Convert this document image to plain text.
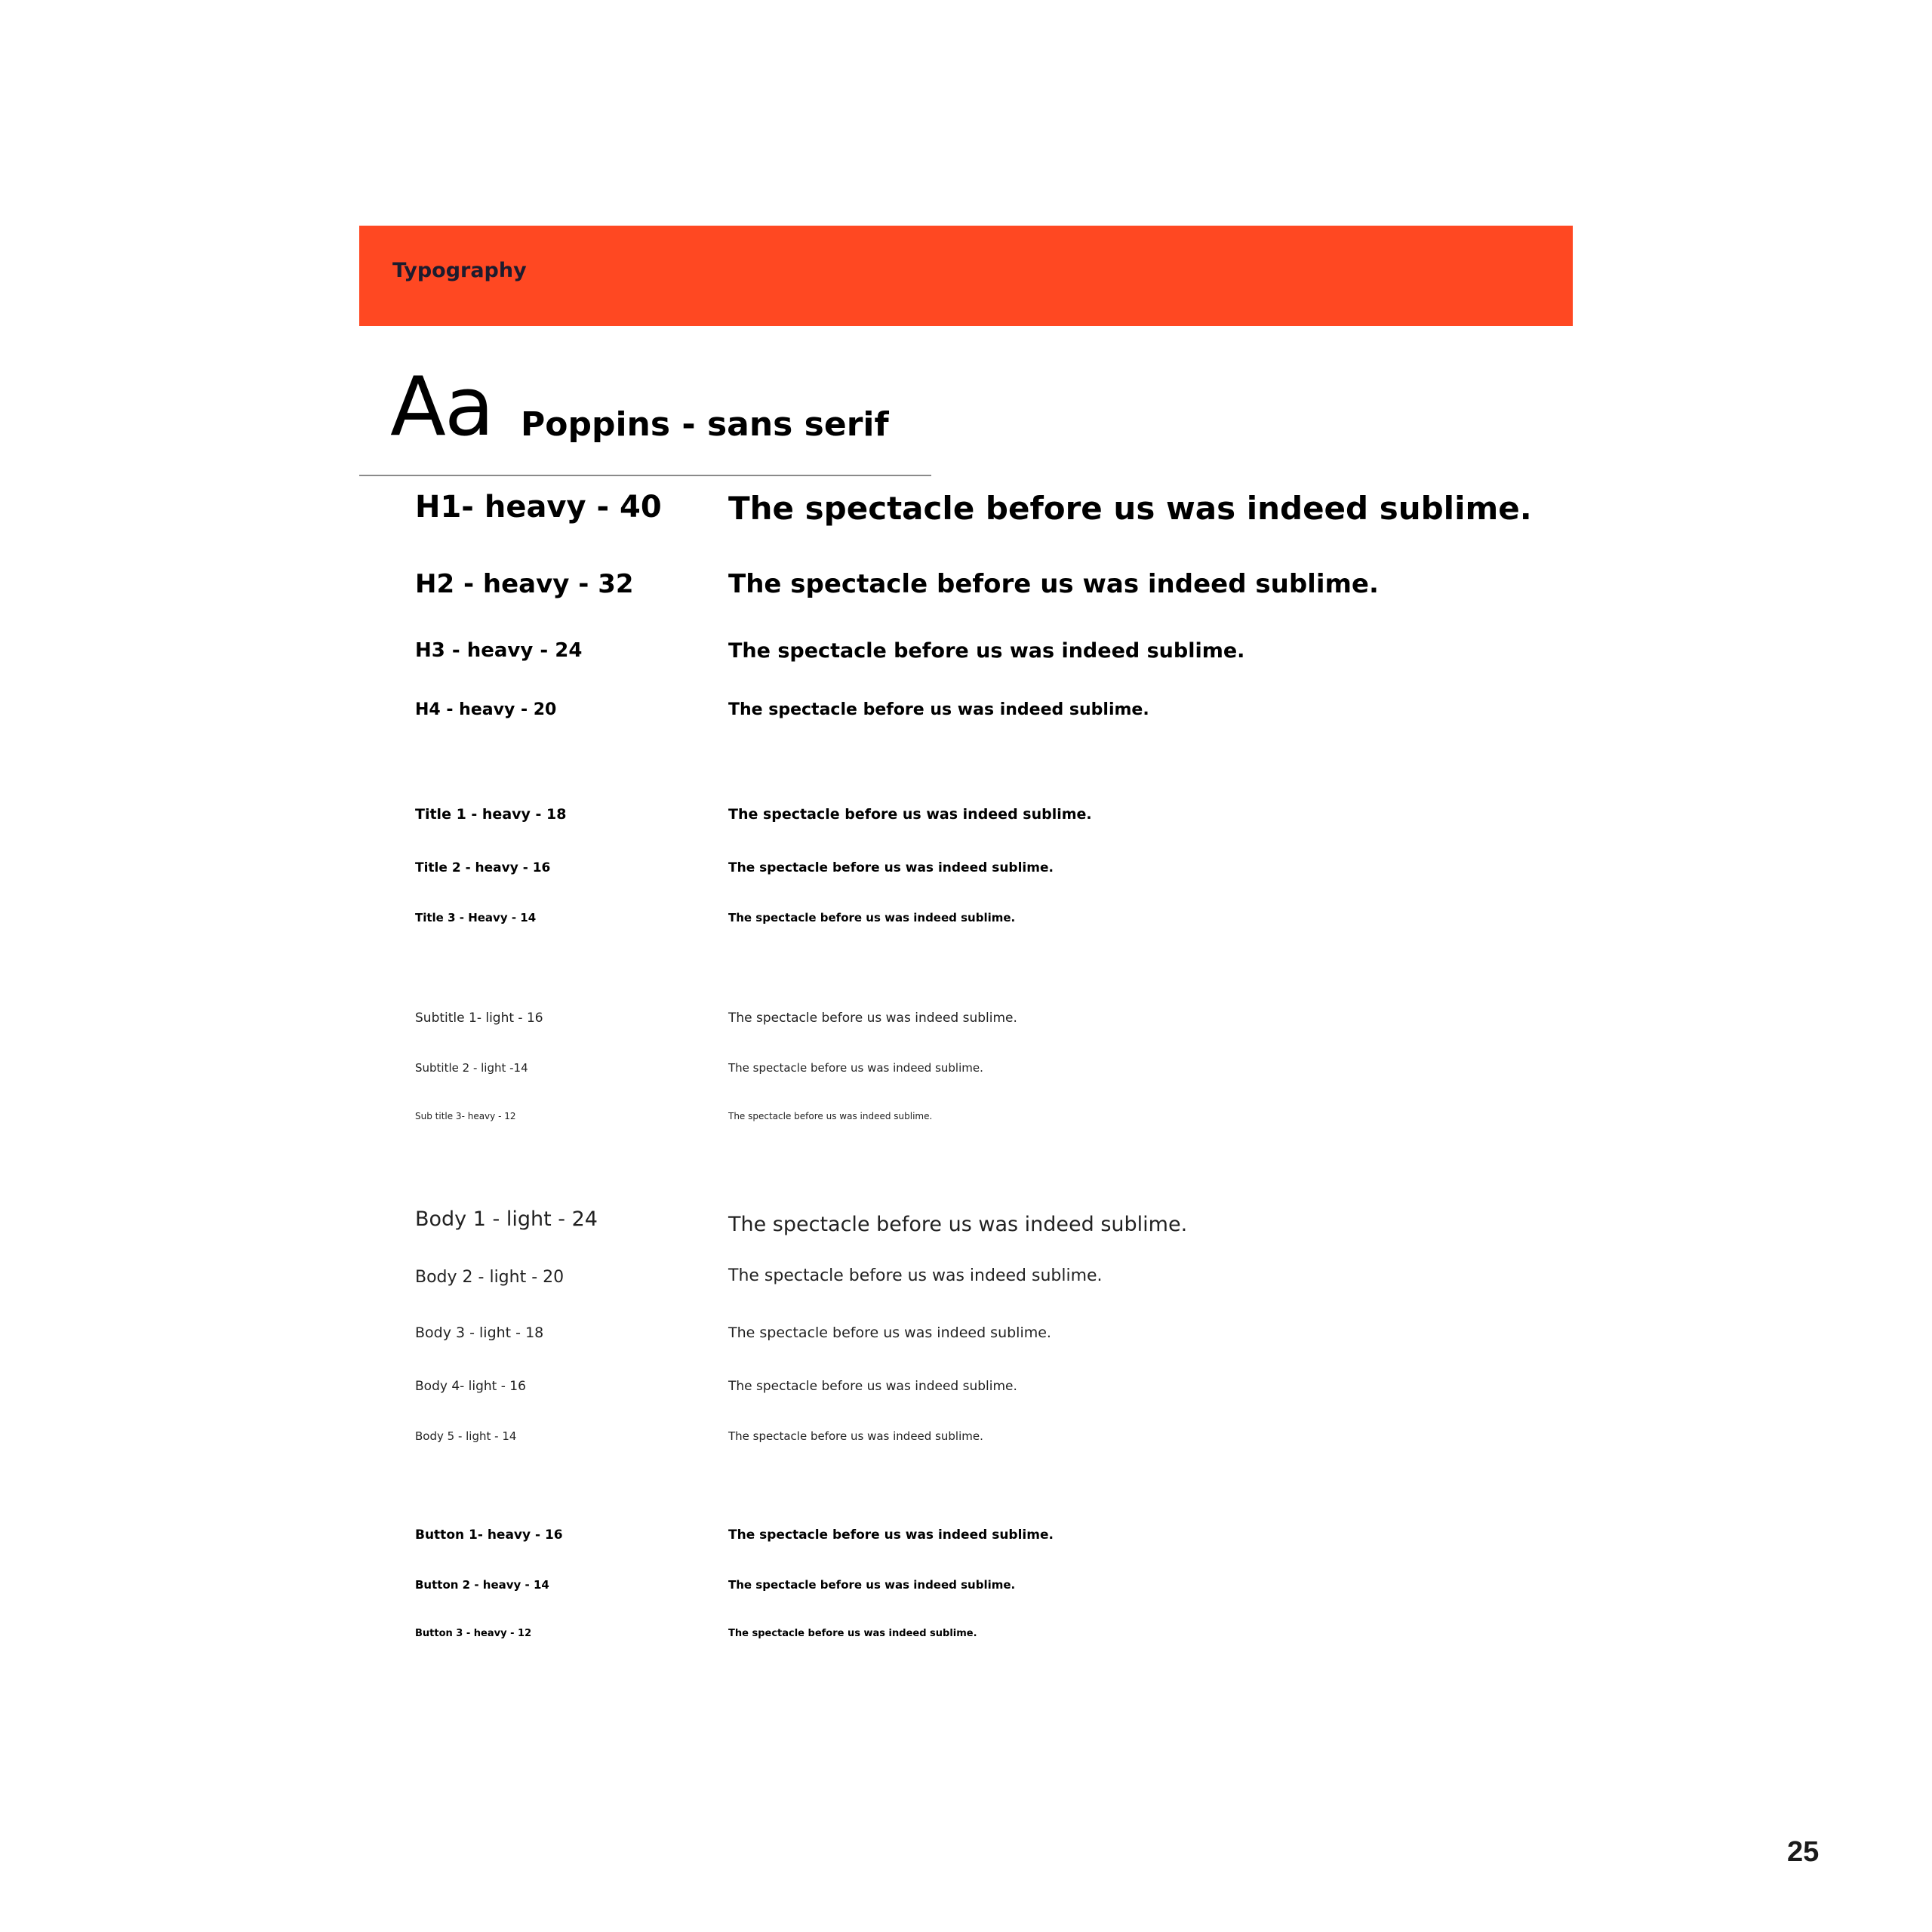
Typography
Aa Poppins - sans serif
H1- heavy - 40 The spectacle before us was indeed sublime.
H2 - heavy - 32	The spectacle before us was indeed sublime.
H3 - heavy - 24	The spectacle before us was indeed sublime.
H4 - heavy - 20	The spectacle before us was indeed sublime.
Title 1 - heavy - 18	The spectacle before us was indeed sublime.
Title 2 - heavy - 16	The spectacle before us was indeed sublime.
Title 3 - Heavy - 14	The spectacle before us was indeed sublime.
Subtitle 1- light - 16	The spectacle before us was indeed sublime.
Subtitle 2 - light -14	The spectacle before us was indeed sublime.
Sub title 3- heavy - 12	The spectacle before us was indeed sublime.
Body 1 - light - 24	The spectacle before us was indeed sublime.
Body 2 - light - 20	The spectacle before us was indeed sublime.
Body 3 - light - 18	The spectacle before us was indeed sublime.
Body 4- light - 16	The spectacle before us was indeed sublime.
Body 5 - light - 14	The spectacle before us was indeed sublime.
Button 1- heavy - 16	The spectacle before us was indeed sublime.
Button 2 - heavy - 14	The spectacle before us was indeed sublime.
Button 3 - heavy - 12	The spectacle before us was indeed sublime.
25
